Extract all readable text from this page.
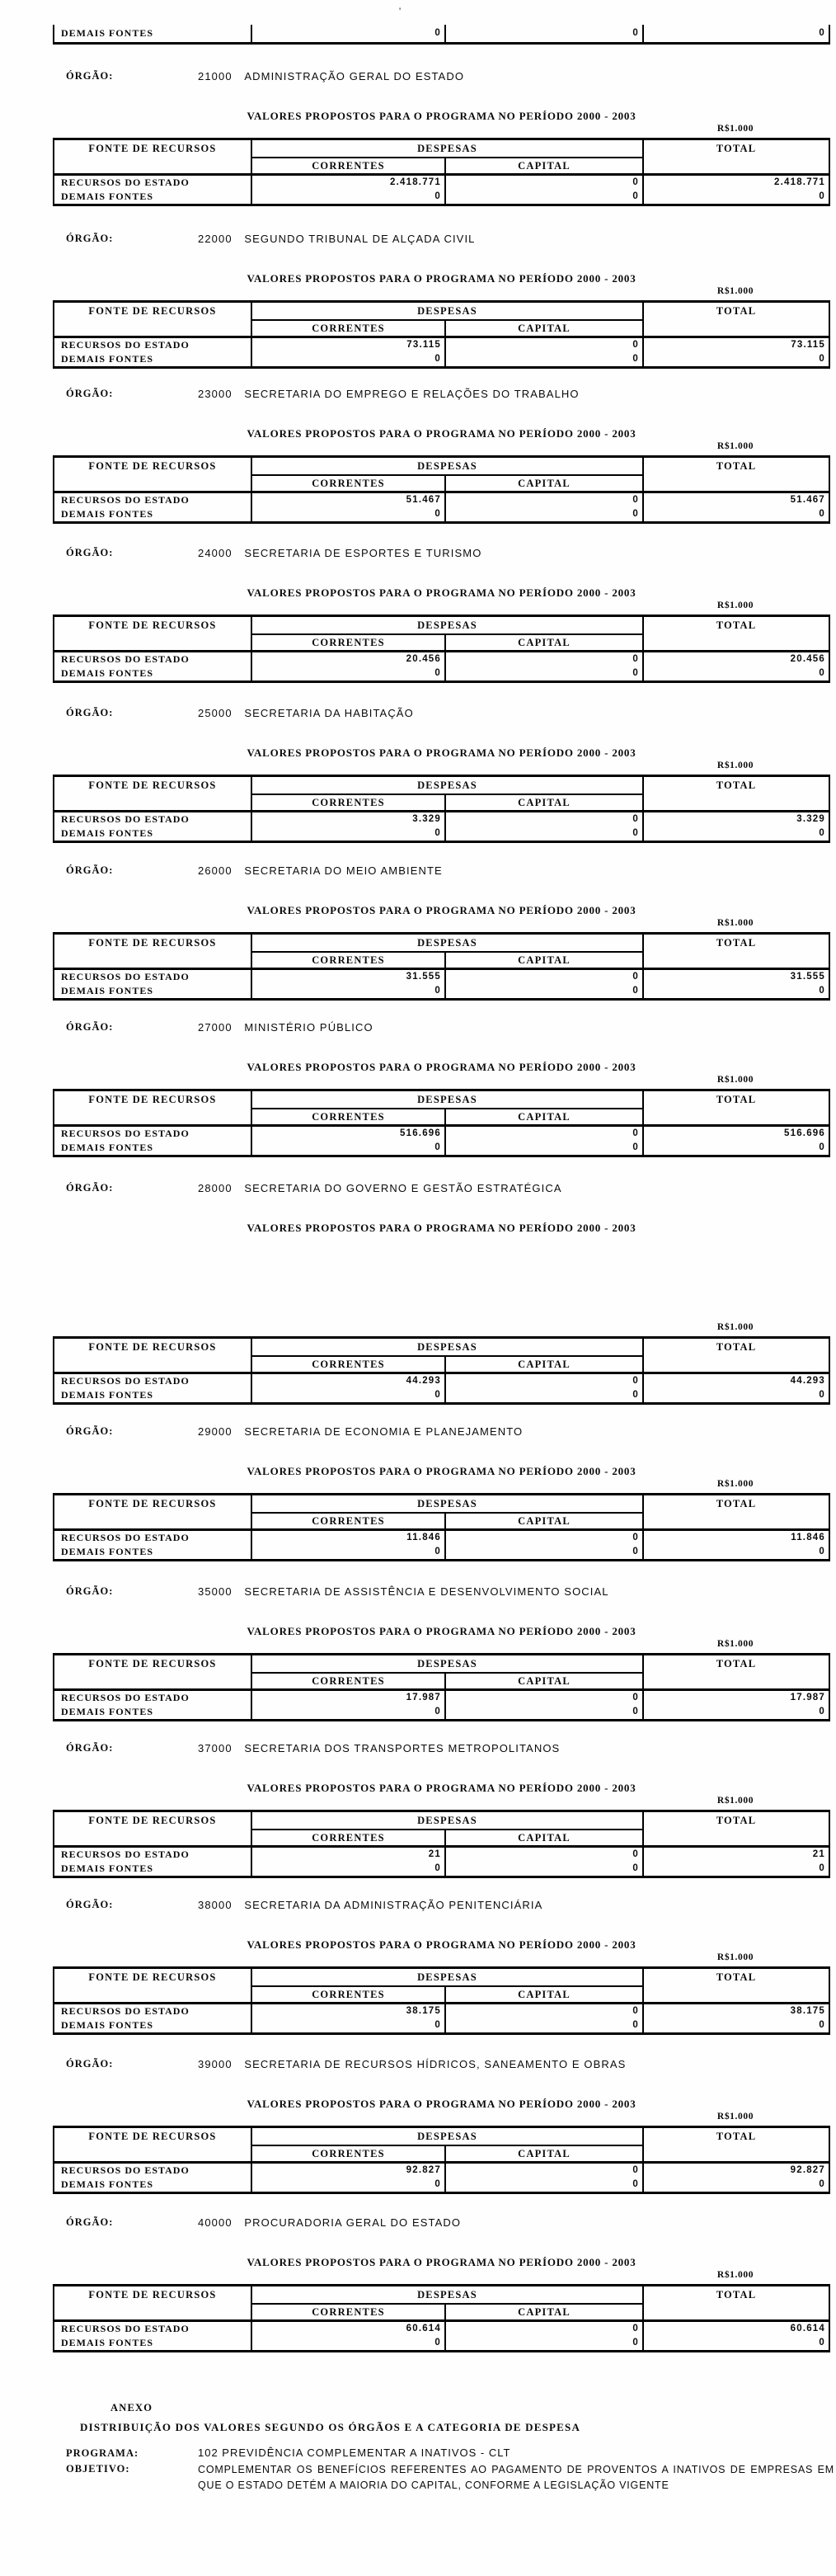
'
DEMAIS FONTES	0	0	0
ÓRGÃO:	21000 ADMINISTRAÇÃO GERAL DO ESTADO
VALORES PROPOSTOS PARA O PROGRAMA NO PERÍODO 2000 - 2003
R$1.000
FONTE DE RECURSOS	DESPESAS	TOTAL
CORRENTES	CAPITAL
RECURSOS DO ESTADO	2.418.771	0	2.418.771
DEMAIS FONTES	0	0	0
ÓRGÃO:	22000 SEGUNDO TRIBUNAL DE ALÇADA CIVIL
VALORES PROPOSTOS PARA O PROGRAMA NO PERÍODO 2000 - 2003
R$1.000
FONTE DE RECURSOS	DESPESAS	TOTAL
CORRENTES	CAPITAL
RECURSOS DO ESTADO	73.115	0	73.115
DEMAIS FONTES	0	0	0
ÓRGÃO:	23000 SECRETARIA DO EMPREGO E RELAÇÕES DO TRABALHO
VALORES PROPOSTOS PARA O PROGRAMA NO PERÍODO 2000 - 2003
R$1.000
FONTE DE RECURSOS	DESPESAS	TOTAL
CORRENTES	CAPITAL
RECURSOS DO ESTADO	51.467	0	51.467
DEMAIS FONTES	0	0	0
ÓRGÃO:	24000 SECRETARIA DE ESPORTES E TURISMO
VALORES PROPOSTOS PARA O PROGRAMA NO PERÍODO 2000 - 2003
R$1.000
FONTE DE RECURSOS	DESPESAS	TOTAL
CORRENTES	CAPITAL
RECURSOS DO ESTADO	20.456	0	20.456
DEMAIS FONTES	0	0	0
ÓRGÃO:	25000 SECRETARIA DA HABITAÇÃO
VALORES PROPOSTOS PARA O PROGRAMA NO PERÍODO 2000 - 2003
R$1.000
FONTE DE RECURSOS	DESPESAS	TOTAL
CORRENTES	CAPITAL
RECURSOS DO ESTADO	3.329	0	3.329
DEMAIS FONTES	0	0	0
ÓRGÃO:	26000 SECRETARIA DO MEIO AMBIENTE
VALORES PROPOSTOS PARA O PROGRAMA NO PERÍODO 2000 - 2003
R$1.000
FONTE DE RECURSOS	DESPESAS	TOTAL
CORRENTES	CAPITAL
RECURSOS DO ESTADO	31.555	0	31.555
DEMAIS FONTES	0	0	0
ÓRGÃO:	27000 MINISTÉRIO PÚBLICO
VALORES PROPOSTOS PARA O PROGRAMA NO PERÍODO 2000 - 2003
R$1.000
FONTE DE RECURSOS	DESPESAS	TOTAL
CORRENTES	CAPITAL
RECURSOS DO ESTADO	516.696	0	516.696
DEMAIS FONTES	0	0	0
ÓRGÃO:	28000 SECRETARIA DO GOVERNO E GESTÃO ESTRATÉGICA
VALORES PROPOSTOS PARA O PROGRAMA NO PERÍODO 2000 - 2003
R$1.000
FONTE DE RECURSOS	DESPESAS	TOTAL
CORRENTES	CAPITAL
RECURSOS DO ESTADO	44.293	0	44.293
DEMAIS FONTES	0	0	0
ÓRGÃO:	29000 SECRETARIA DE ECONOMIA E PLANEJAMENTO
VALORES PROPOSTOS PARA O PROGRAMA NO PERÍODO 2000 - 2003
R$1.000
FONTE DE RECURSOS	DESPESAS	TOTAL
CORRENTES	CAPITAL
RECURSOS DO ESTADO	11.846	0	11.846
DEMAIS FONTES	0	0	0
ÓRGÃO:	35000 SECRETARIA DE ASSISTÊNCIA E DESENVOLVIMENTO SOCIAL
VALORES PROPOSTOS PARA O PROGRAMA NO PERÍODO 2000 - 2003
R$1.000
FONTE DE RECURSOS	DESPESAS	TOTAL
CORRENTES	CAPITAL
RECURSOS DO ESTADO	17.987	0	17.987
DEMAIS FONTES	0	0	0
ÓRGÃO:	37000 SECRETARIA DOS TRANSPORTES METROPOLITANOS
VALORES PROPOSTOS PARA O PROGRAMA NO PERÍODO 2000 - 2003
R$1.000
FONTE DE RECURSOS	DESPESAS	TOTAL
CORRENTES	CAPITAL
RECURSOS DO ESTADO	21	0	21
DEMAIS FONTES	0	0	0
ÓRGÃO:	38000 SECRETARIA DA ADMINISTRAÇÃO PENITENCIÁRIA
VALORES PROPOSTOS PARA O PROGRAMA NO PERÍODO 2000 - 2003
R$1.000
FONTE DE RECURSOS	DESPESAS	TOTAL
CORRENTES	CAPITAL
RECURSOS DO ESTADO	38.175	0	38.175
DEMAIS FONTES	0	0	0
ÓRGÃO:	39000 SECRETARIA DE RECURSOS HÍDRICOS, SANEAMENTO E OBRAS
VALORES PROPOSTOS PARA O PROGRAMA NO PERÍODO 2000 - 2003
R$1.000
FONTE DE RECURSOS	DESPESAS	TOTAL
CORRENTES	CAPITAL
RECURSOS DO ESTADO	92.827	0	92.827
DEMAIS FONTES	0	0	0
ÓRGÃO:	40000 PROCURADORIA GERAL DO ESTADO
VALORES PROPOSTOS PARA O PROGRAMA NO PERÍODO 2000 - 2003
R$1.000
FONTE DE RECURSOS	DESPESAS	TOTAL
CORRENTES	CAPITAL
RECURSOS DO ESTADO	60.614	0	60.614
DEMAIS FONTES	0	0	0
ANEXO
DISTRIBUIÇÃO DOS VALORES SEGUNDO OS ÓRGÃOS E A CATEGORIA DE DESPESA
PROGRAMA:	102 PREVIDÊNCIA COMPLEMENTAR A INATIVOS - CLT
OBJETIVO:	COMPLEMENTAR OS BENEFÍCIOS REFERENTES AO PAGAMENTO DE PROVENTOS A INATIVOS DE EMPRESAS EM QUE O ESTADO DETÉM A MAIORIA DO CAPITAL, CONFORME A LEGISLAÇÃO VIGENTE
